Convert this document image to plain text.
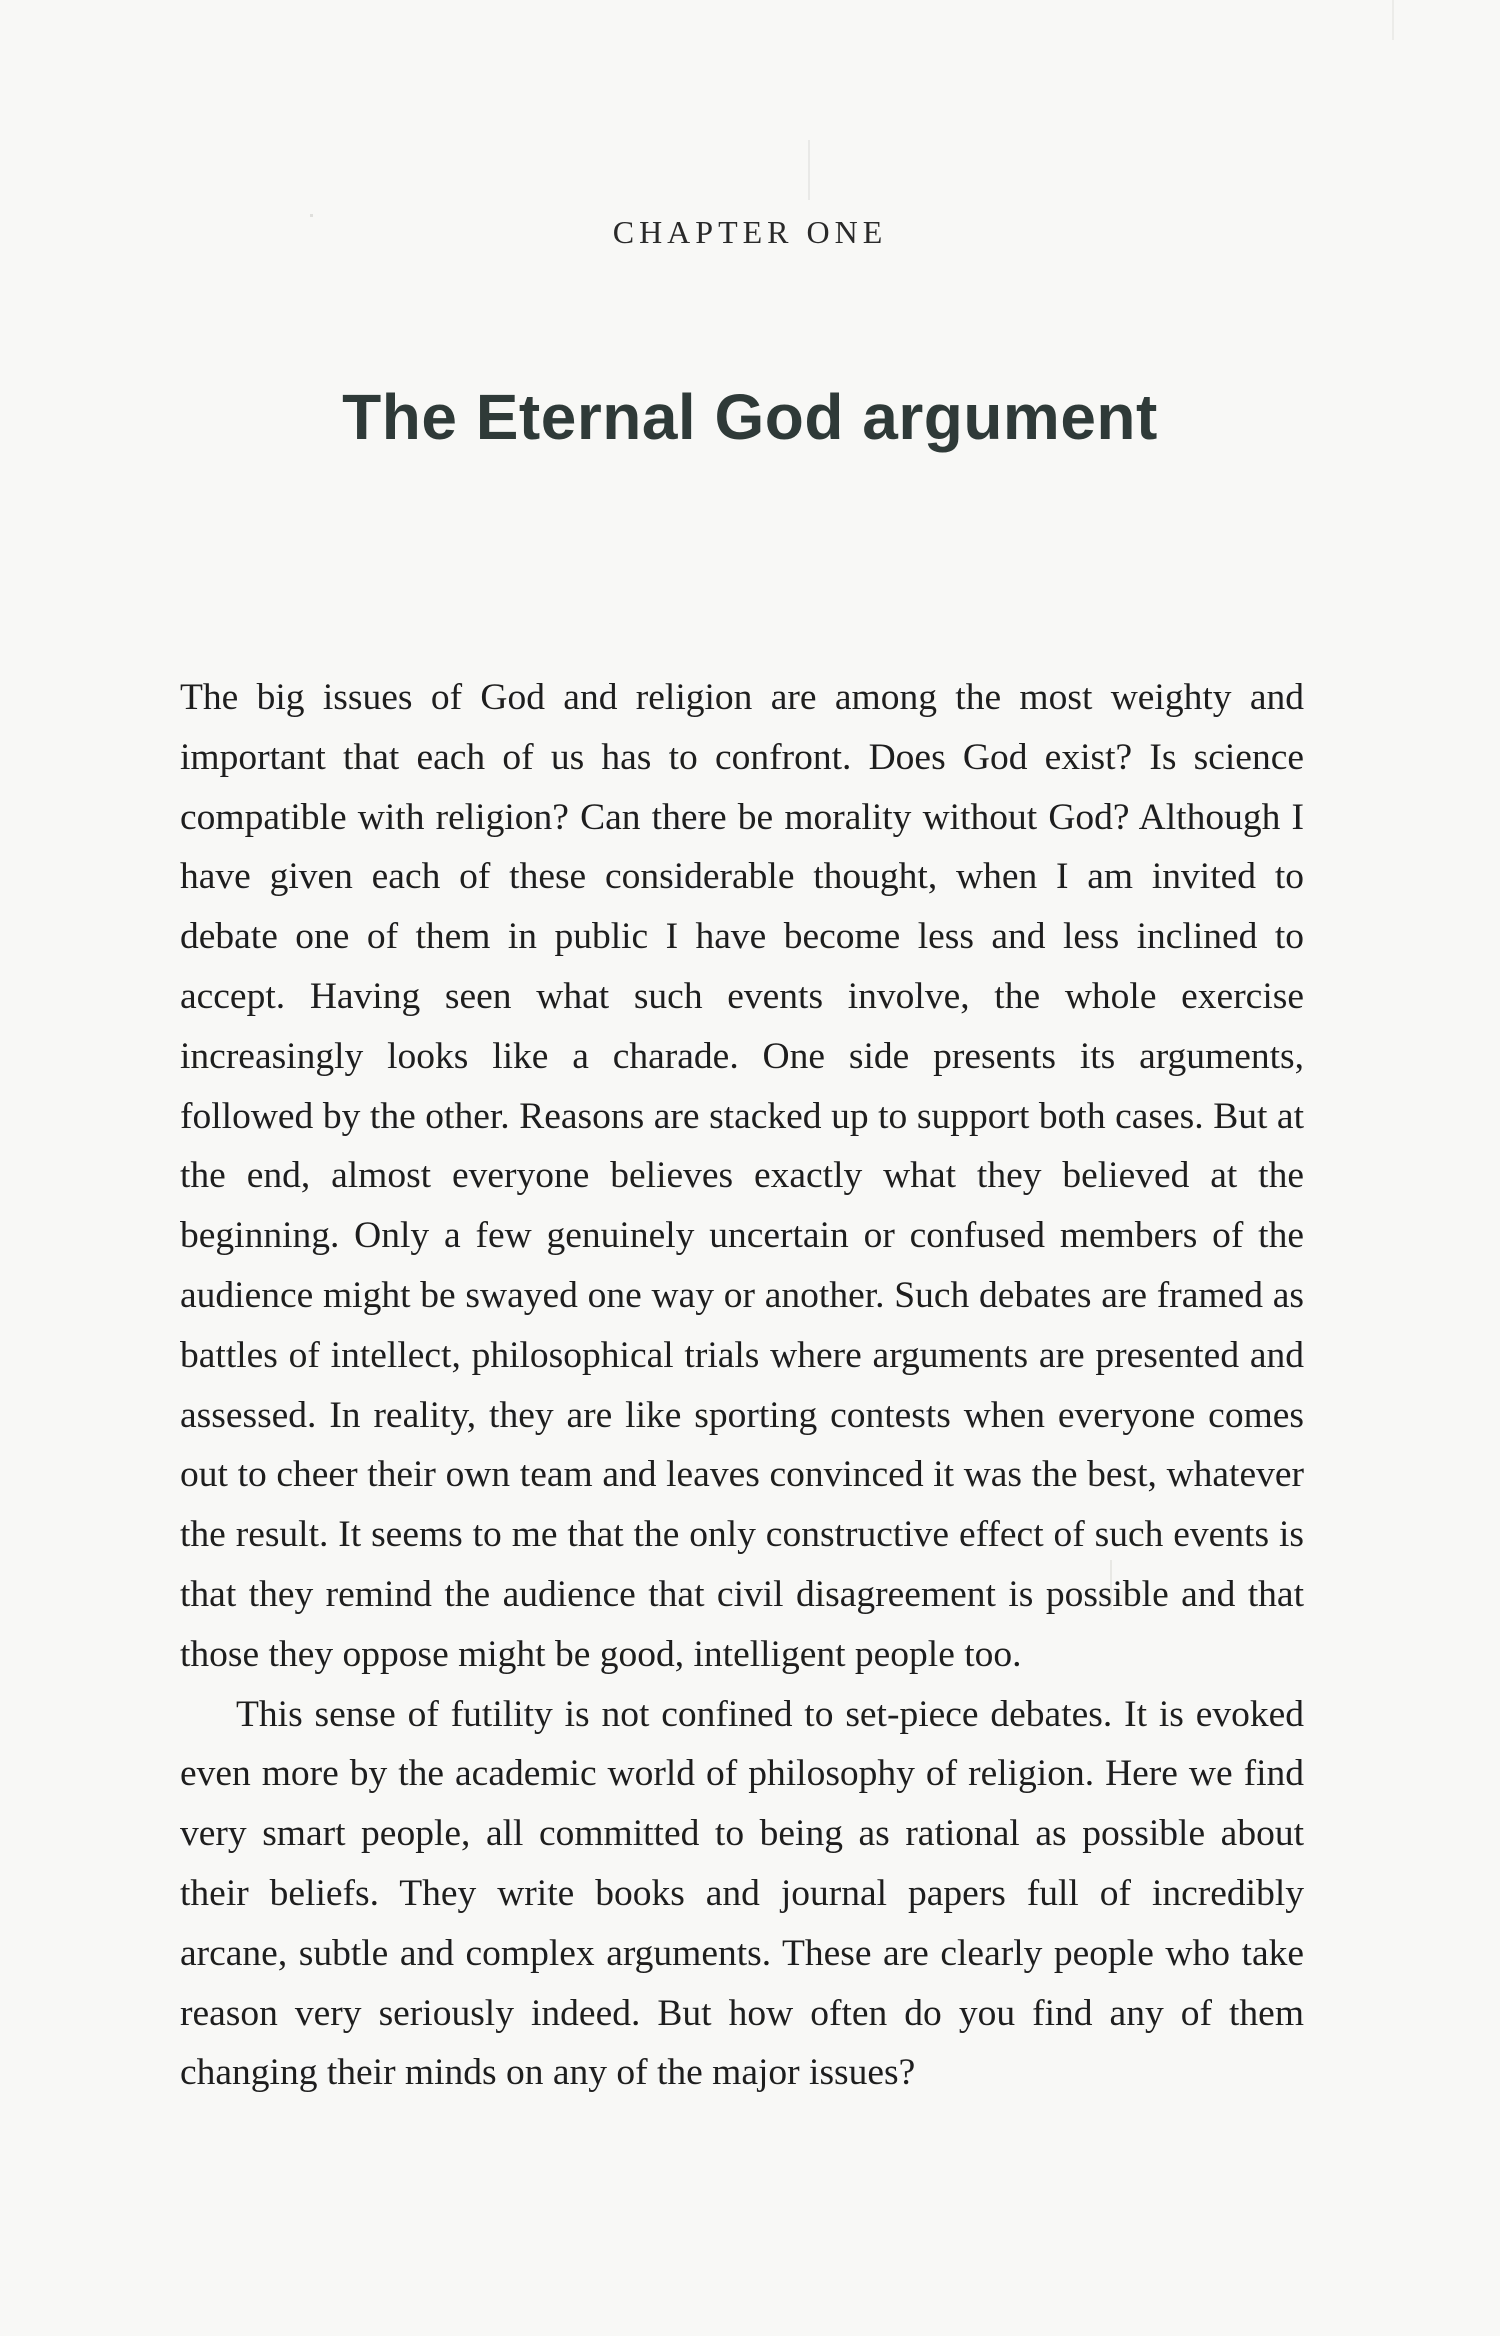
CHAPTER ONE
The Eternal God argument

The big issues of God and religion are among the most weighty and important that each of us has to confront. Does God exist? Is science compatible with religion? Can there be morality without God? Although I have given each of these considerable thought, when I am invited to debate one of them in public I have become less and less inclined to accept. Having seen what such events involve, the whole exercise increasingly looks like a charade. One side presents its arguments, followed by the other. Reasons are stacked up to support both cases. But at the end, almost everyone believes exactly what they believed at the beginning. Only a few genuinely uncertain or confused members of the audience might be swayed one way or another. Such debates are framed as battles of intellect, philosophical trials where arguments are presented and assessed. In reality, they are like sporting contests when everyone comes out to cheer their own team and leaves convinced it was the best, whatever the result. It seems to me that the only constructive effect of such events is that they remind the audience that civil disagreement is possible and that those they oppose might be good, intelligent people too.

This sense of futility is not confined to set-piece debates. It is evoked even more by the academic world of philosophy of religion. Here we find very smart people, all committed to being as rational as possible about their beliefs. They write books and journal papers full of incredibly arcane, subtle and complex arguments. These are clearly people who take reason very seriously indeed. But how often do you find any of them changing their minds on any of the major issues?
